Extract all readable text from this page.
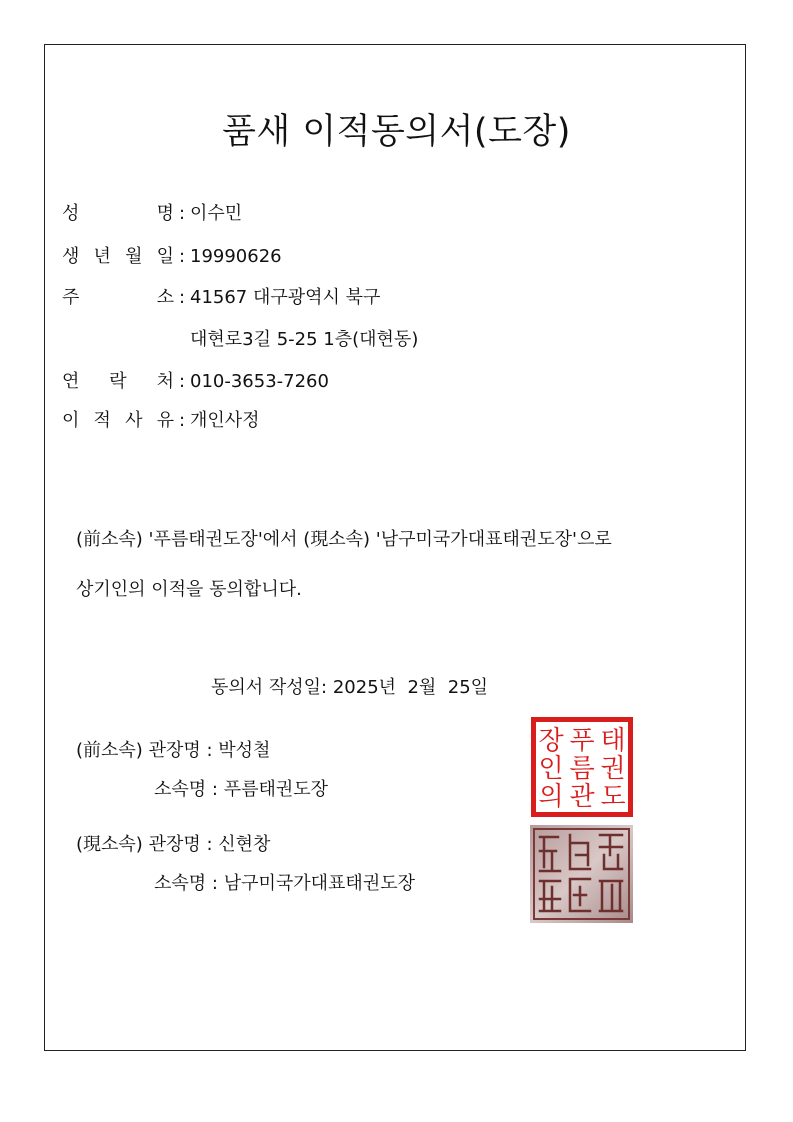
품새 이적동의서(도장)
성	명 : 이수민
생 년 월 일 : 19990626
주	소 : 41567 대구광역시 북구
대현로3길 5-25 1층(대현동)
연 락 처 : 010-3653-7260
이 적 사 유 : 개인사정
(前소속) '푸름태권도장'에서 (現소속) '남구미국가대표태권도장'으로
상기인의 이적을 동의합니다.
동의서 작성일: 2025년  2월  25일
(前소속) 관장명 : 박성철
소속명 : 푸름태권도장
(現소속) 관장명 : 신현창
소속명 : 남구미국가대표태권도장
태
권
도
푸
름
관
장
인
의
